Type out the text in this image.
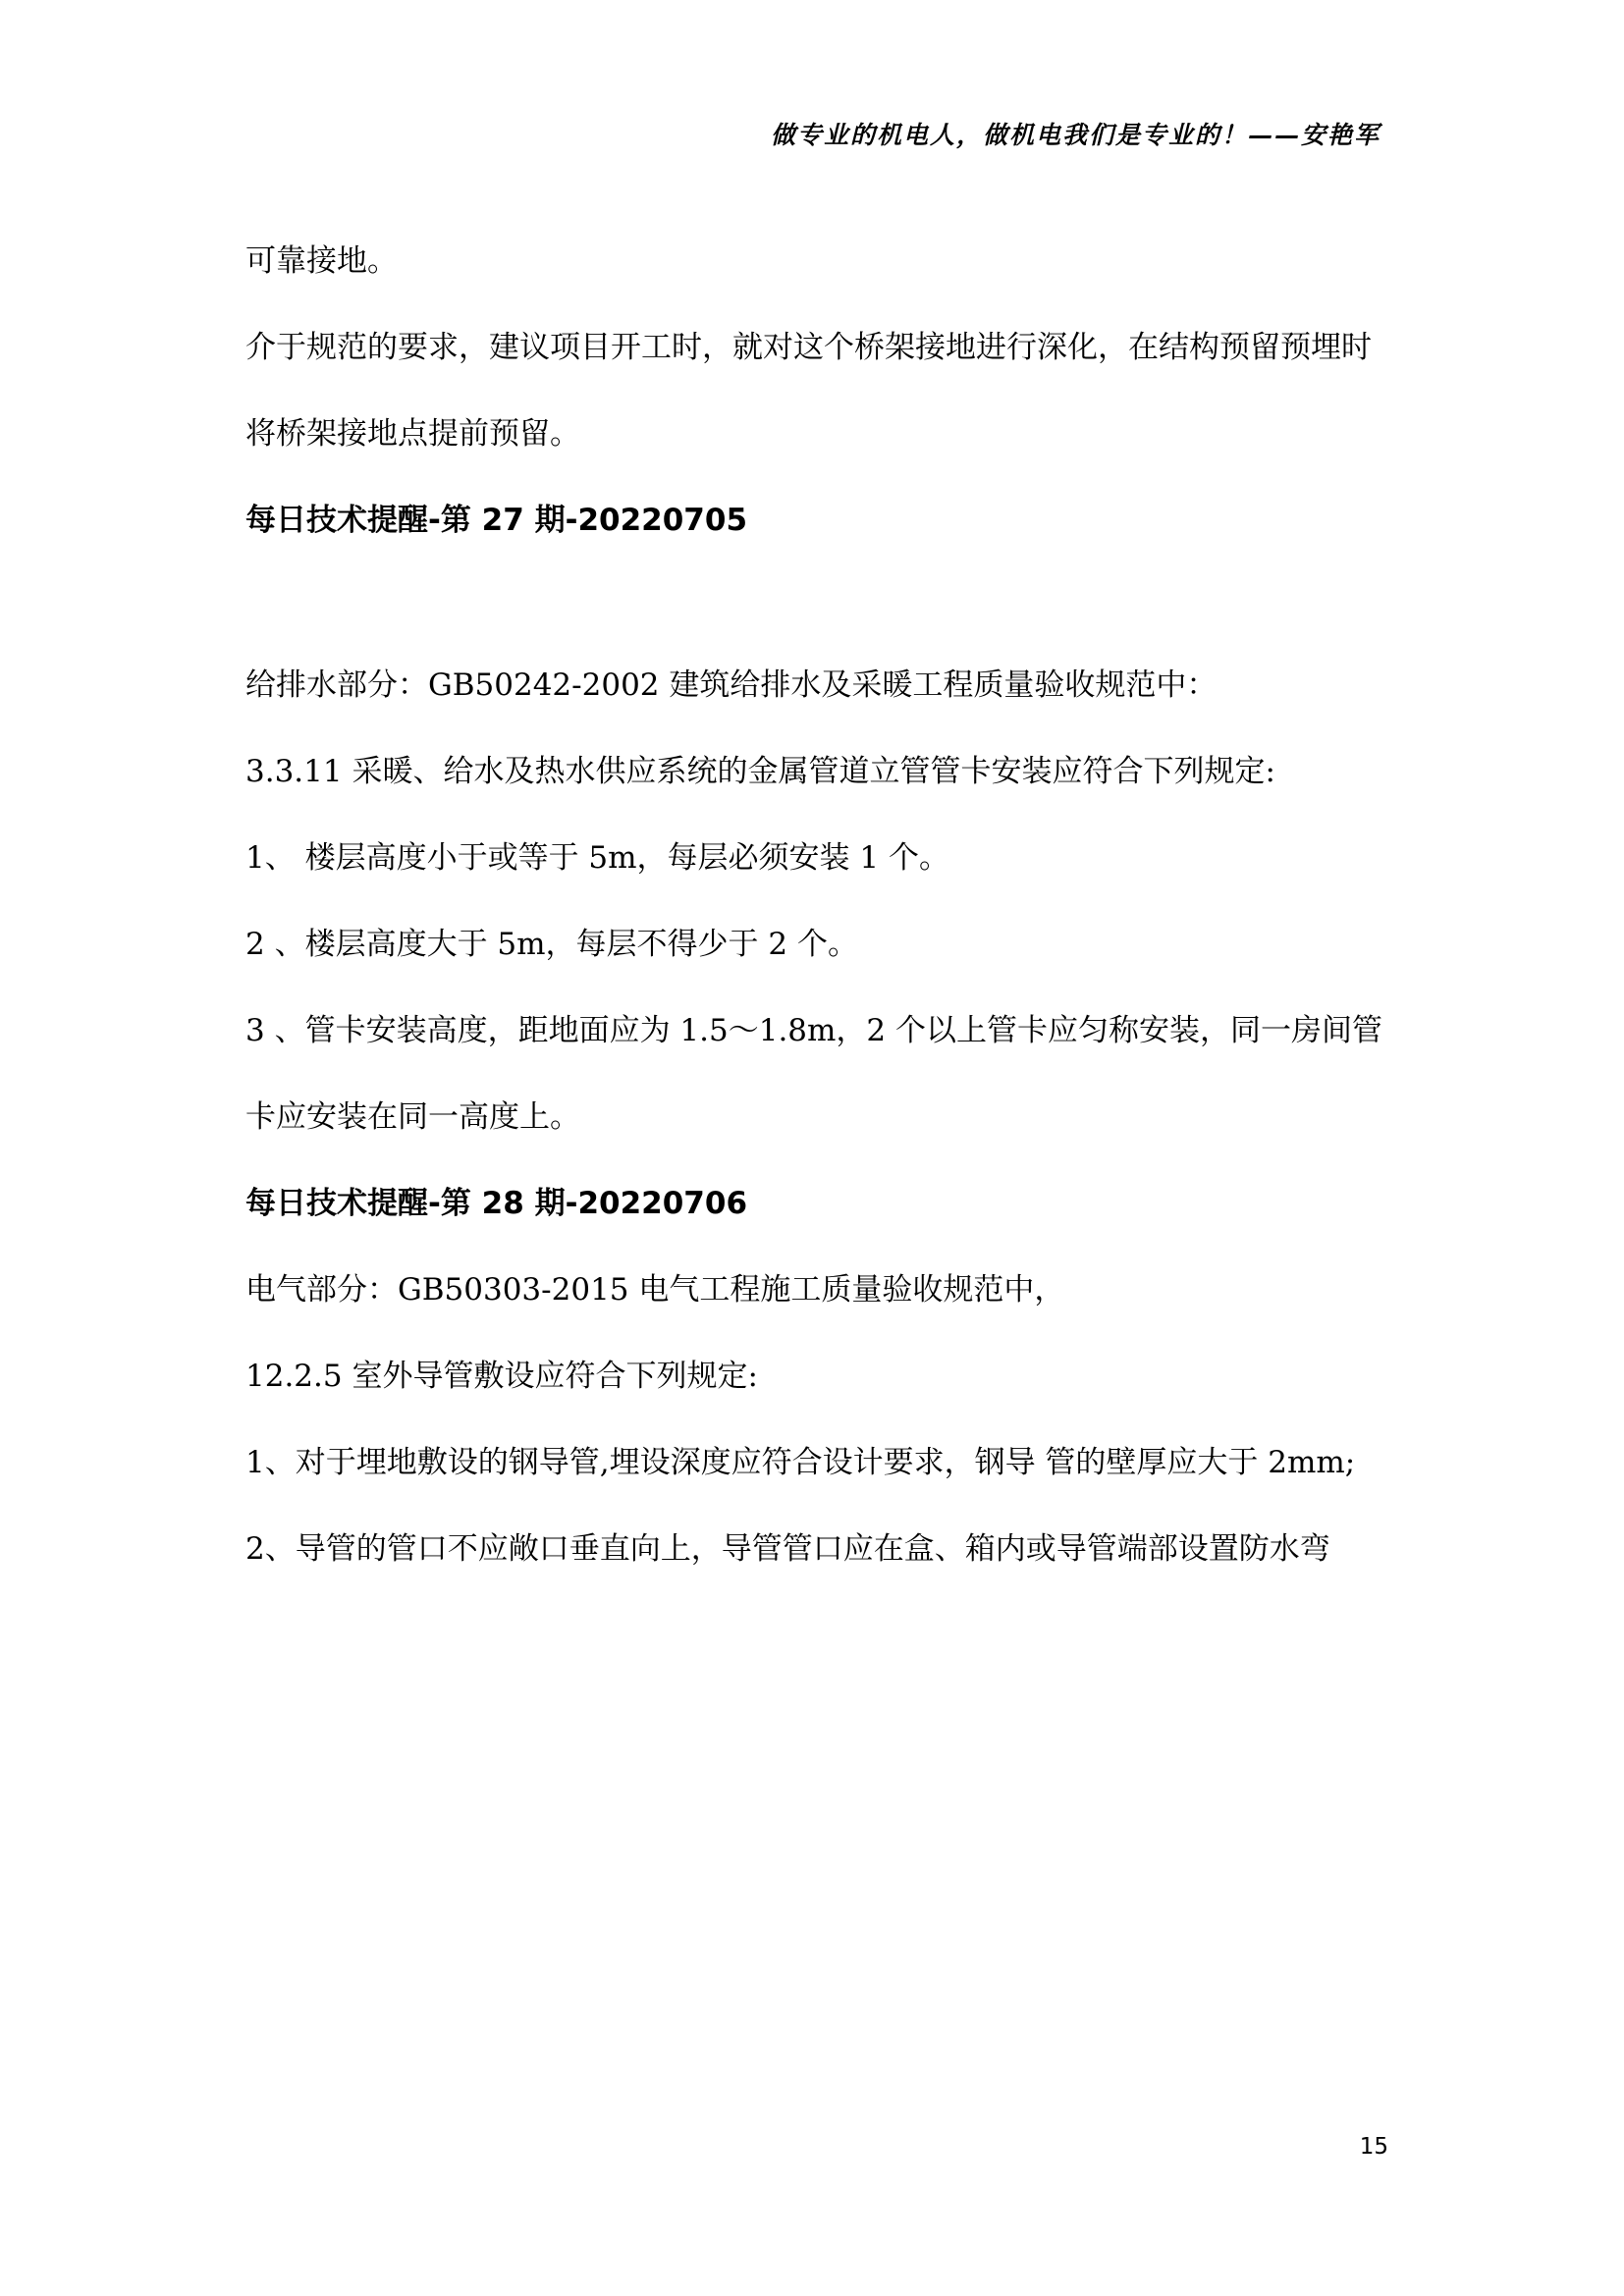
做专业的机电人，做机电我们是专业的！——安艳军

可靠接地。

介于规范的要求，建议项目开工时，就对这个桥架接地进行深化，在结构预留预埋时将桥架接地点提前预留。

每日技术提醒-第 27 期-20220705

给排水部分：GB50242-2002 建筑给排水及采暖工程质量验收规范中：

3.3.11 采暖、给水及热水供应系统的金属管道立管管卡安装应符合下列规定:

1、 楼层高度小于或等于 5m，每层必须安装 1 个。

2 、楼层高度大于 5m，每层不得少于 2 个。

3 、管卡安装高度，距地面应为 1.5～1.8m，2 个以上管卡应匀称安装，同一房间管卡应安装在同一高度上。

每日技术提醒-第 28 期-20220706

电气部分：GB50303-2015 电气工程施工质量验收规范中，

12.2.5 室外导管敷设应符合下列规定:

1、对于埋地敷设的钢导管,埋设深度应符合设计要求，钢导 管的壁厚应大于 2mm;

2、导管的管口不应敞口垂直向上，导管管口应在盒、箱内或导管端部设置防水弯

15
